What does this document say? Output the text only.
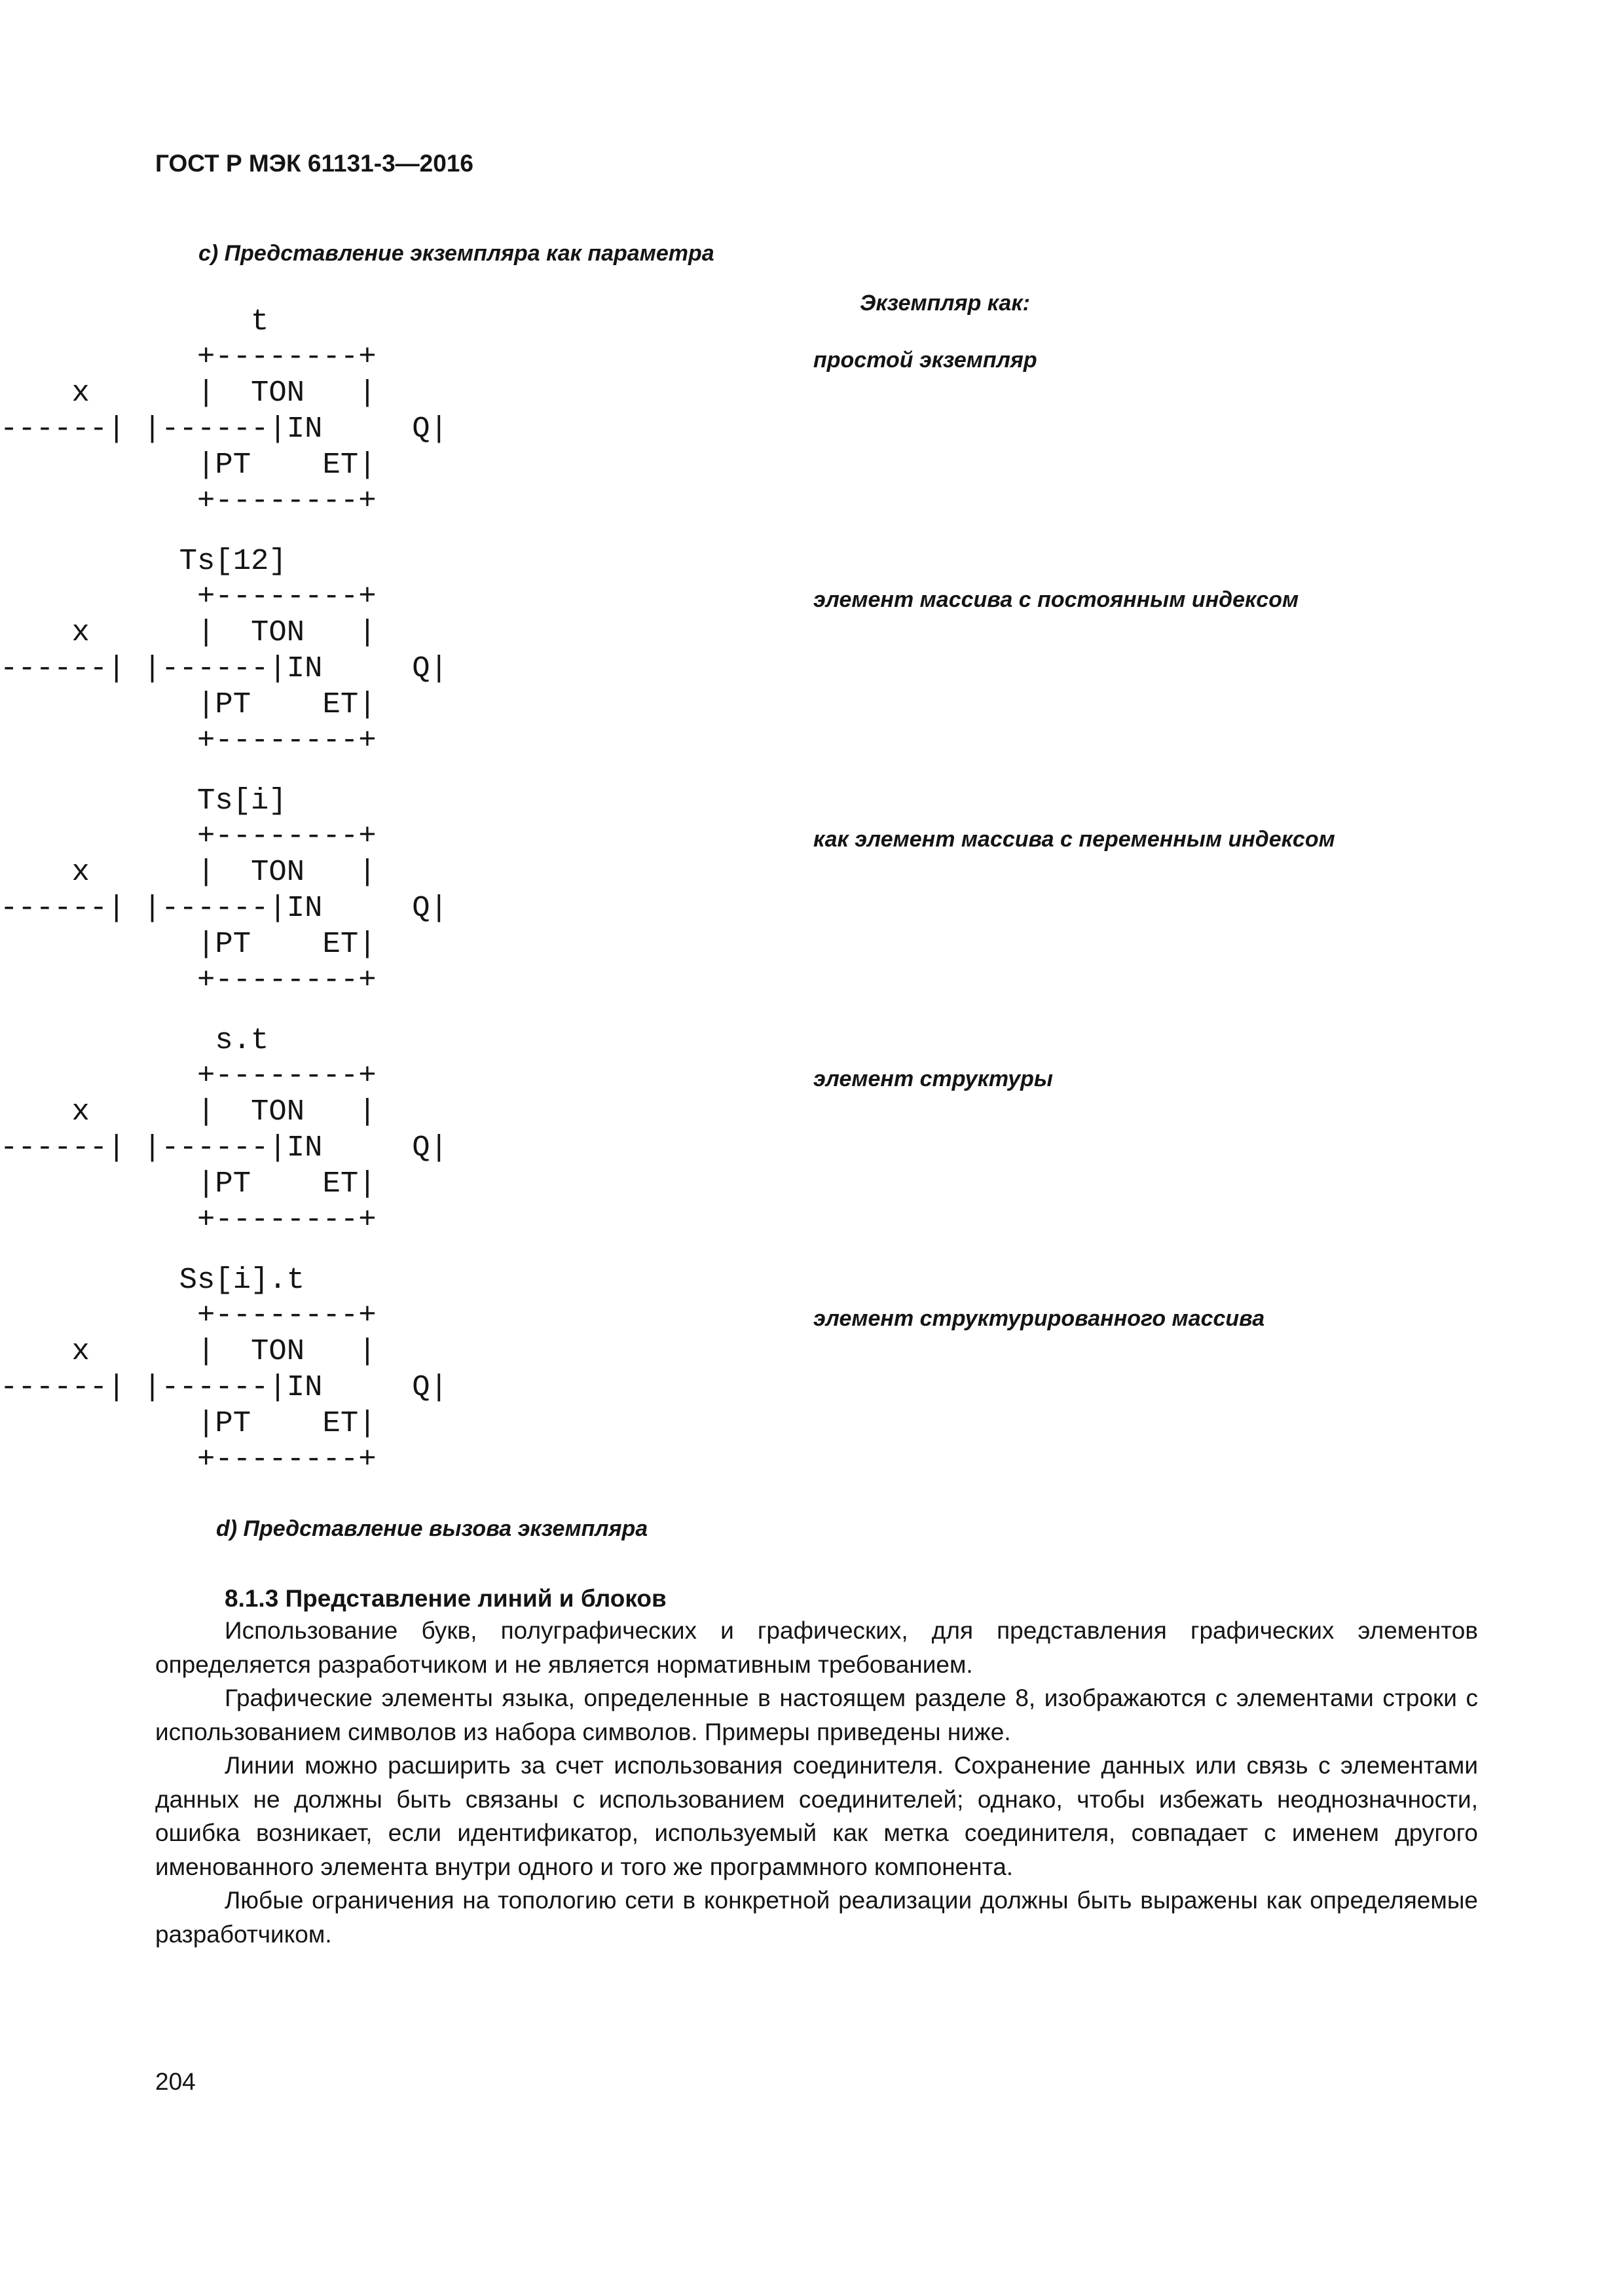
ГОСТ Р МЭК 61131-3—2016
c) Представление экземпляра как параметра
Экземпляр как:
t
+--------+
x      |  TON   |
------| |------|IN     Q|
|PT    ET|
+--------+
простой экземпляр
Ts[12]
+--------+
x      |  TON   |
------| |------|IN     Q|
|PT    ET|
+--------+
элемент массива с постоянным индексом
Ts[i]
+--------+
x      |  TON   |
------| |------|IN     Q|
|PT    ET|
+--------+
как элемент массива с переменным индексом
s.t
+--------+
x      |  TON   |
------| |------|IN     Q|
|PT    ET|
+--------+
элемент структуры
Ss[i].t
+--------+
x      |  TON   |
------| |------|IN     Q|
|PT    ET|
+--------+
элемент структурированного массива
d) Представление вызова экземпляра
8.1.3 Представление линий и блоков

Использование букв, полуграфических и графических, для представления графических элементов определяется разработчиком и не является нормативным требованием.

Графические элементы языка, определенные в настоящем разделе 8, изображаются с элементами строки с использованием символов из набора символов. Примеры приведены ниже.

Линии можно расширить за счет использования соединителя. Сохранение данных или связь с элементами данных не должны быть связаны с использованием соединителей; однако, чтобы избежать неоднозначности, ошибка возникает, если идентификатор, используемый как метка соединителя, совпадает с именем другого именованного элемента внутри одного и того же программного компонента.

Любые ограничения на топологию сети в конкретной реализации должны быть выражены как определяемые разработчиком.

204
